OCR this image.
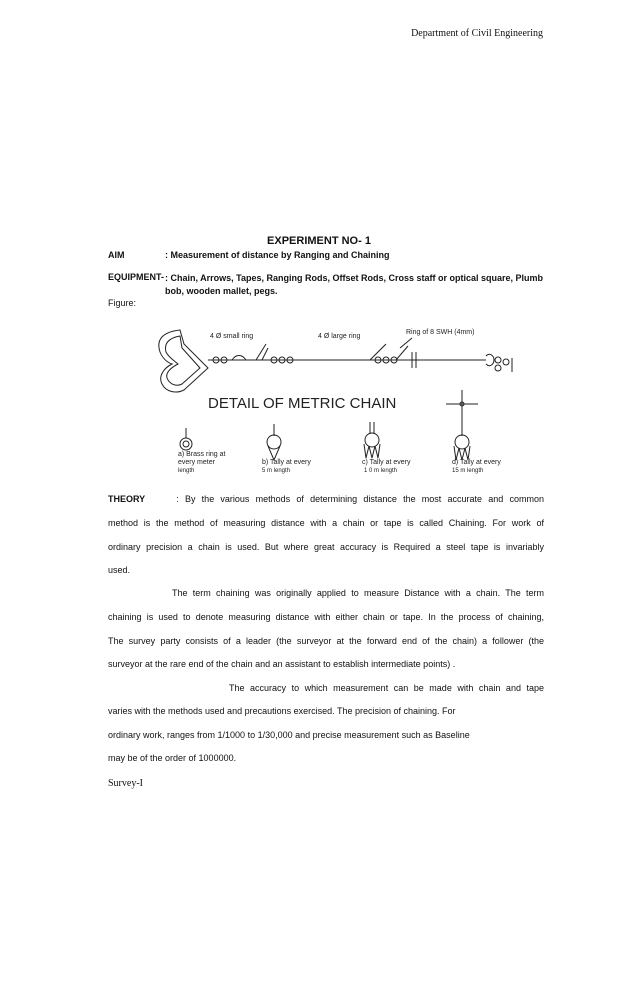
Department of Civil Engineering
EXPERIMENT NO- 1
AIM	: Measurement of distance by Ranging and Chaining
EQUIPMENT- : Chain, Arrows, Tapes, Ranging Rods, Offset Rods, Cross staff or optical square, Plumb bob, wooden mallet, pegs.
Figure:
4 Ø small ring	4 Ø large ring
Ring of 8 SWH (4mm)
DETAIL OF METRIC CHAIN
a) Brass ring at
every meter
length
b) Tally at every
5 m length
c) Tally at every
1 0 m length
d) Tally at every
15 m length
THEORY	: By the various methods of determining distance the most accurate and common
method is the method of measuring distance with a chain or tape is called Chaining. For work of
ordinary precision a chain is used. But where great accuracy is Required a steel tape is invariably
used.
The term chaining was originally applied to measure Distance with a chain. The term
chaining is used to denote measuring distance with either chain or tape. In the process of chaining,
The survey party consists of a leader (the surveyor at the forward end of the chain) a follower (the
surveyor at the rare end of the chain and an assistant to establish intermediate points) .
The accuracy to which measurement can be made with chain and tape
varies with the methods used and precautions exercised. The precision of chaining. For
ordinary work, ranges from 1/1000 to 1/30,000 and precise measurement such as Baseline
may be of the order of 1000000.
Survey-I
